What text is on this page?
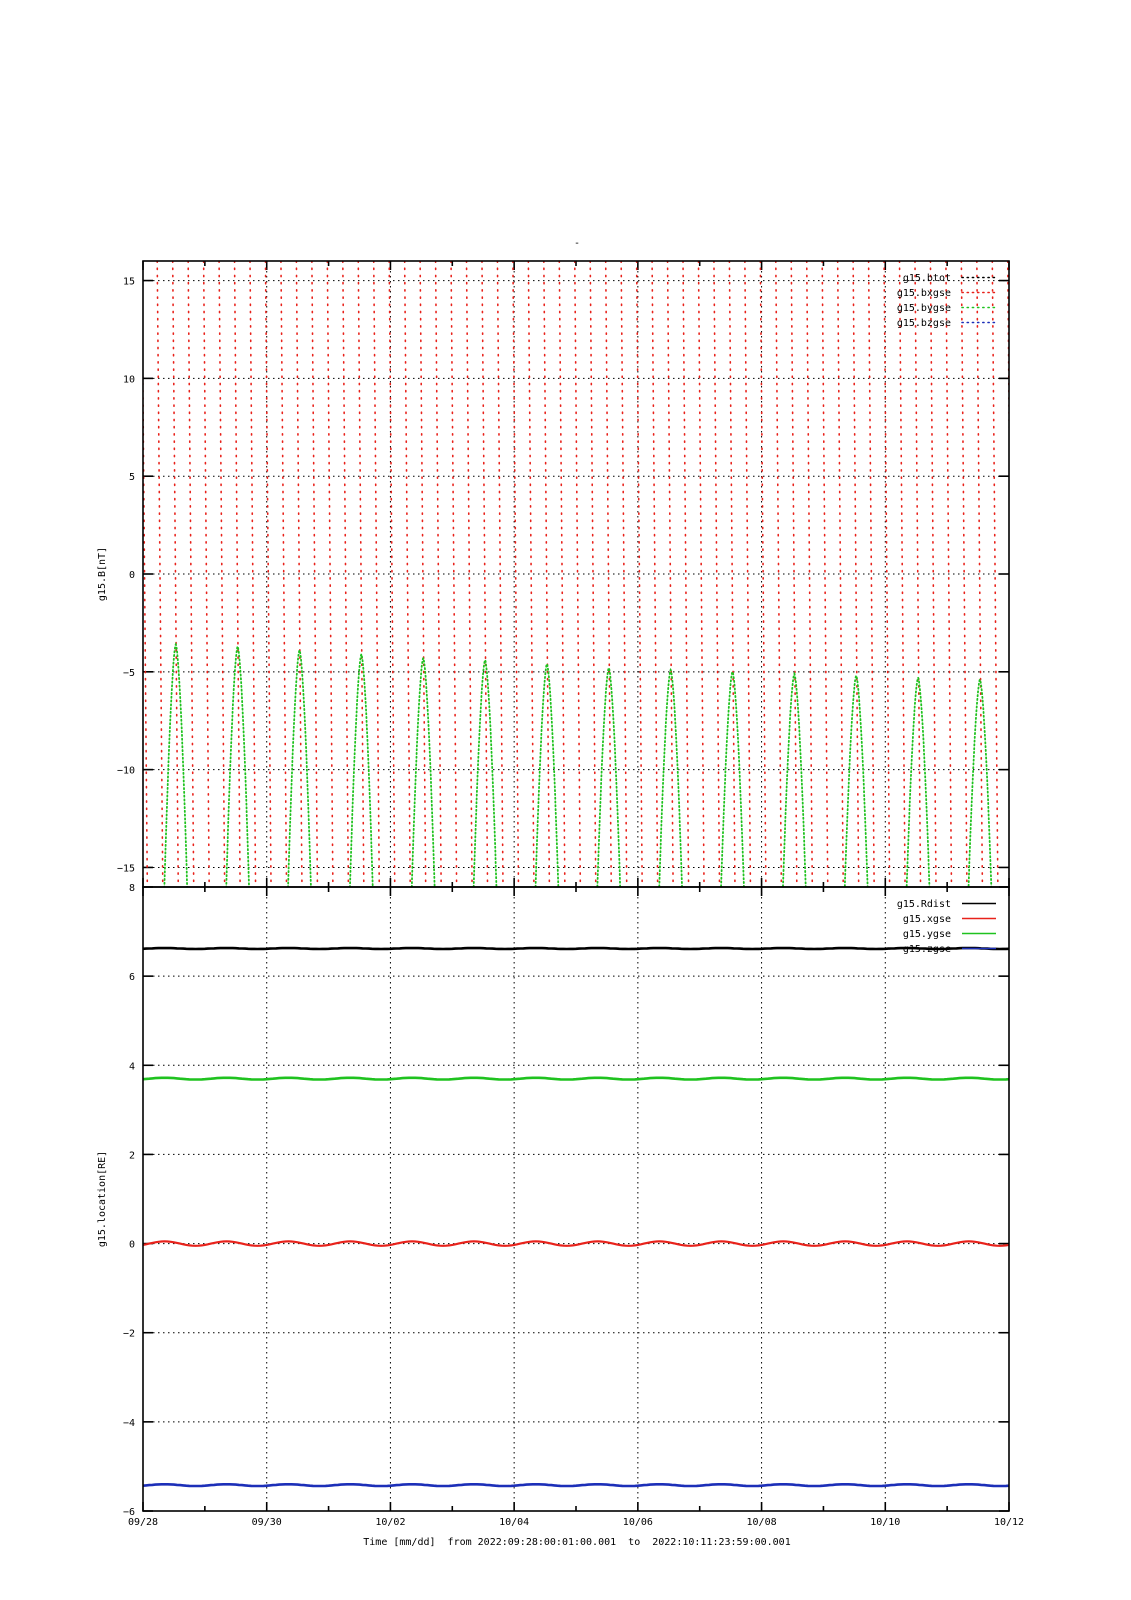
-
−15
−10
−5
0
5
10
15
g15.B[nT]
g15.btot
g15.bxgse
g15.bygse
g15.bzgse
−6
−4
−2
0
2
4
6
8
g15.location[RE]
g15.Rdist
g15.xgse
g15.ygse
g15.zgse
09/28	09/30	10/02	10/04	10/06	10/08	10/10	10/12
Time [mm/dd]  from 2022:09:28:00:01:00.001  to  2022:10:11:23:59:00.001
